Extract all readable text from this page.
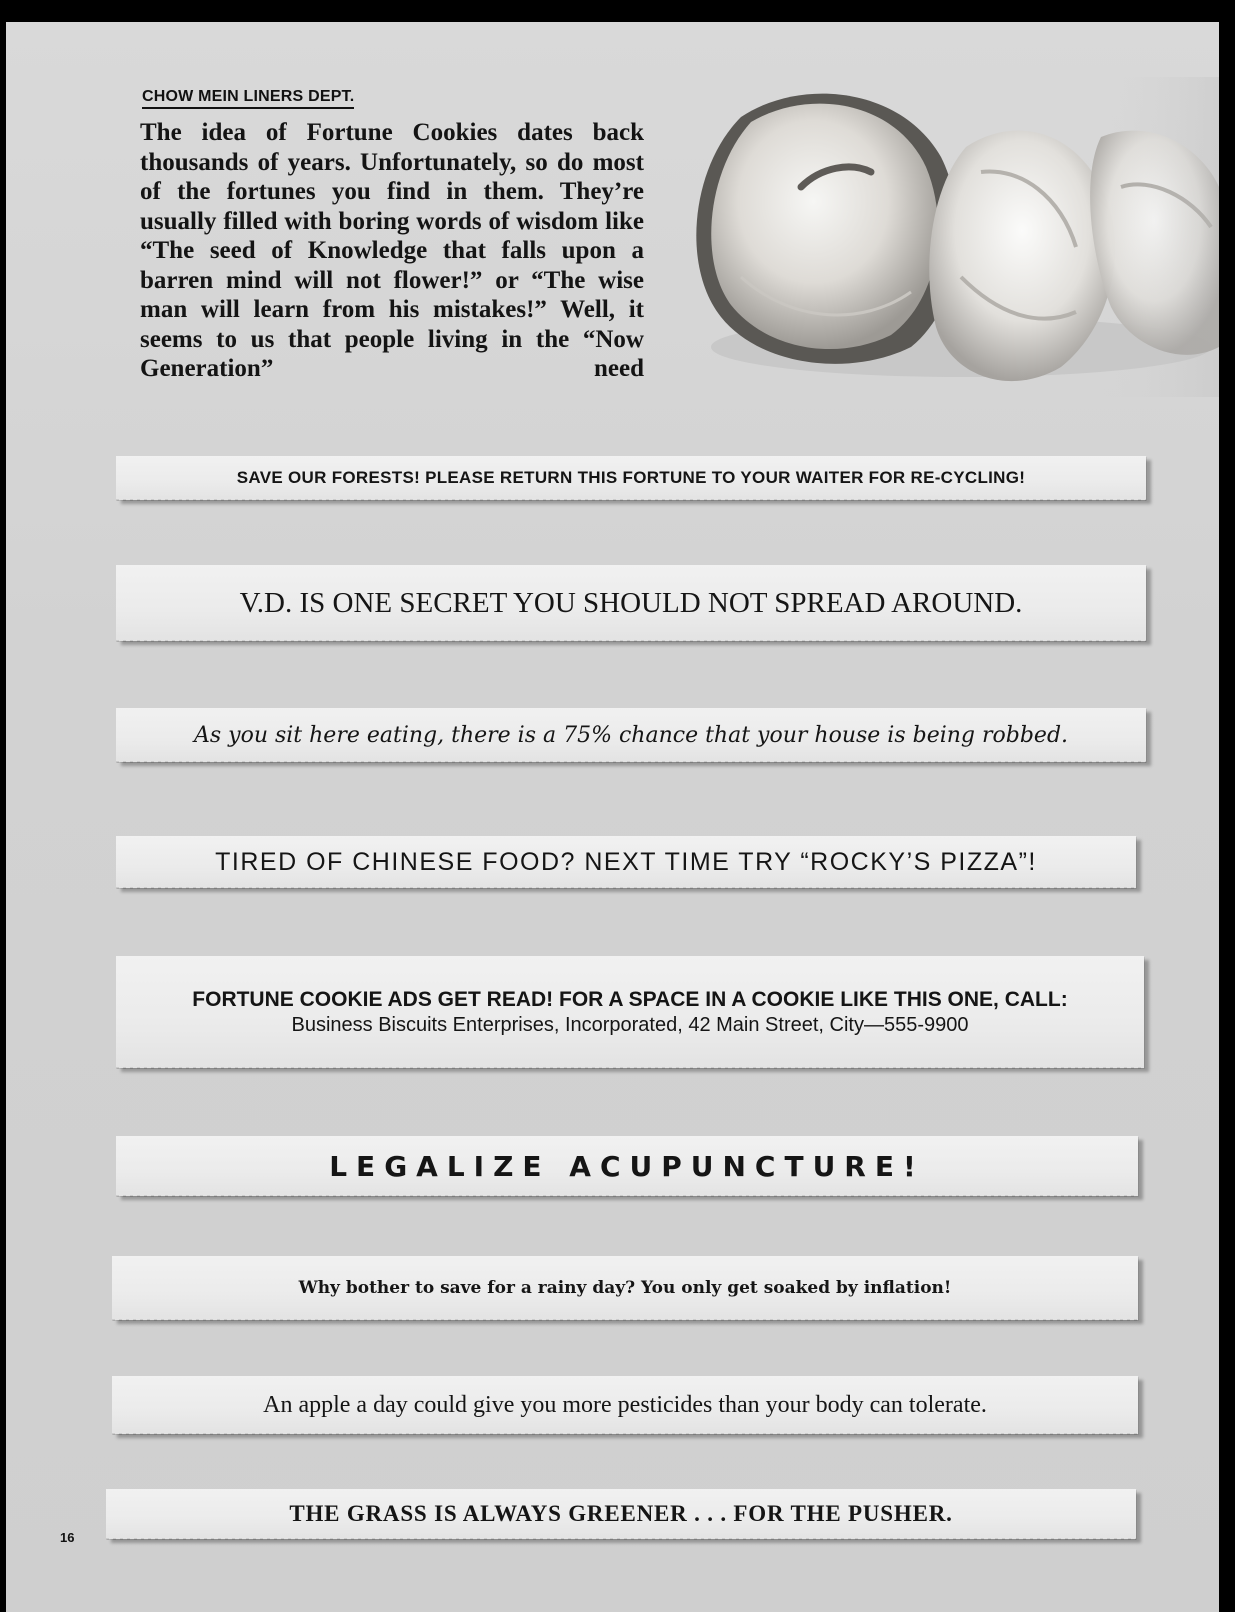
CHOW MEIN LINERS DEPT.
The idea of Fortune Cookies dates back thousands of years. Unfortunately, so do most of the fortunes you find in them. They’re usually filled with boring words of wisdom like “The seed of Knowledge that falls upon a barren mind will not flower!” or “The wise man will learn from his mistakes!” Well, it seems to us that people living in the “Now Generation” need
SAVE OUR FORESTS! PLEASE RETURN THIS FORTUNE TO YOUR WAITER FOR RE-CYCLING!
V.D. IS ONE SECRET YOU SHOULD NOT SPREAD AROUND.
As you sit here eating, there is a 75% chance that your house is being robbed.
TIRED OF CHINESE FOOD? NEXT TIME TRY “ROCKY’S PIZZA”!
FORTUNE COOKIE ADS GET READ! FOR A SPACE IN A COOKIE LIKE THIS ONE, CALL:
Business Biscuits Enterprises, Incorporated, 42 Main Street, City—555-9900
LEGALIZE ACUPUNCTURE!
Why bother to save for a rainy day? You only get soaked by inflation!
An apple a day could give you more pesticides than your body can tolerate.
THE GRASS IS ALWAYS GREENER . . . FOR THE PUSHER.
16
